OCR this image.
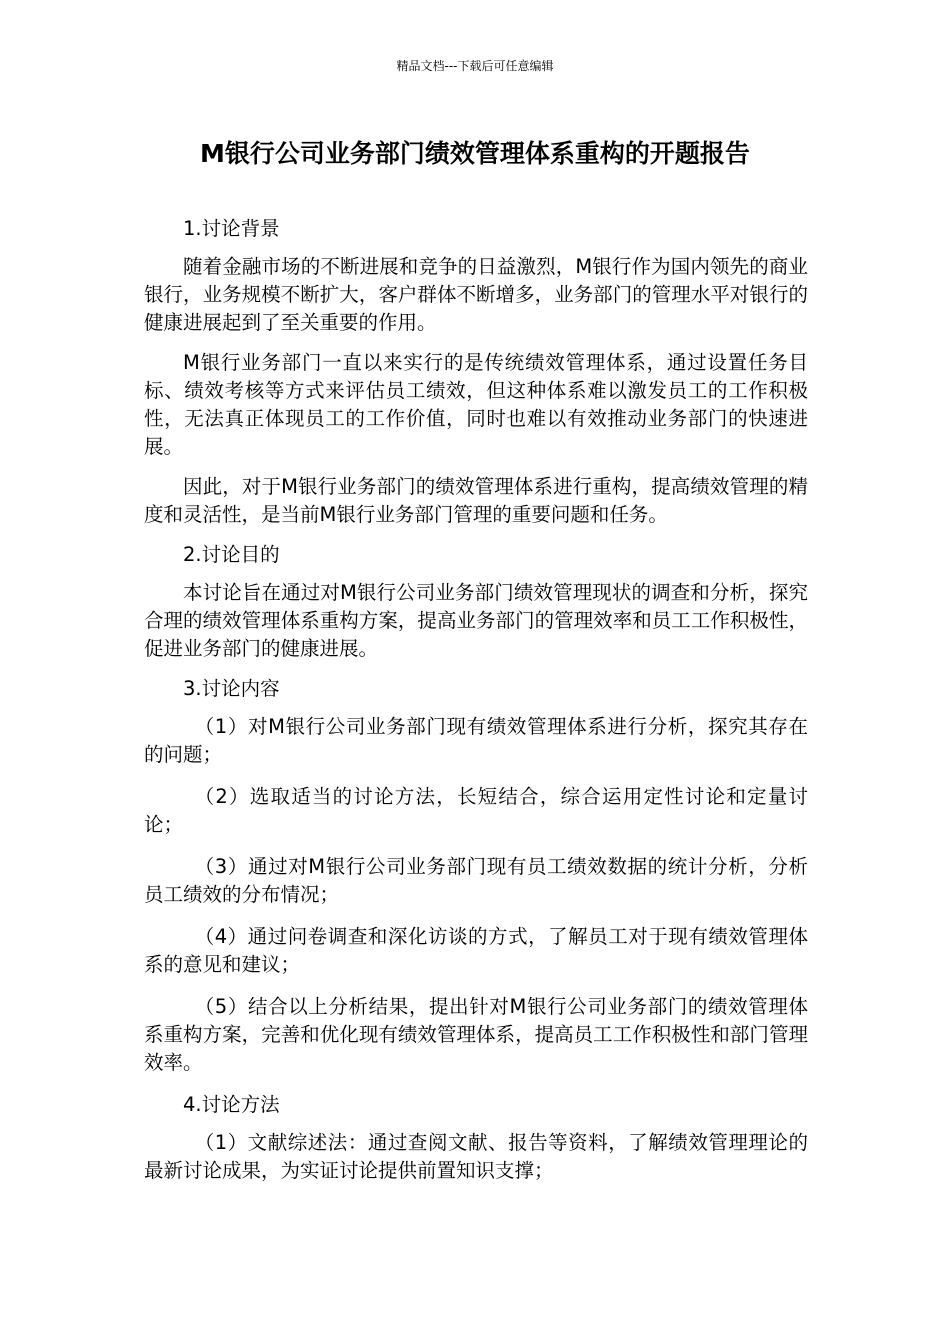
精品文档---下载后可任意编辑
M银行公司业务部门绩效管理体系重构的开题报告

1.讨论背景

随着金融市场的不断进展和竞争的日益激烈，M银行作为国内领先的商业银行，业务规模不断扩大，客户群体不断增多，业务部门的管理水平对银行的健康进展起到了至关重要的作用。

M银行业务部门一直以来实行的是传统绩效管理体系，通过设置任务目标、绩效考核等方式来评估员工绩效，但这种体系难以激发员工的工作积极性，无法真正体现员工的工作价值，同时也难以有效推动业务部门的快速进展。

因此，对于M银行业务部门的绩效管理体系进行重构，提高绩效管理的精度和灵活性，是当前M银行业务部门管理的重要问题和任务。

2.讨论目的

本讨论旨在通过对M银行公司业务部门绩效管理现状的调查和分析，探究合理的绩效管理体系重构方案，提高业务部门的管理效率和员工工作积极性，促进业务部门的健康进展。

3.讨论内容

（1）对M银行公司业务部门现有绩效管理体系进行分析，探究其存在的问题；

（2）选取适当的讨论方法，长短结合，综合运用定性讨论和定量讨论；

（3）通过对M银行公司业务部门现有员工绩效数据的统计分析，分析员工绩效的分布情况；

（4）通过问卷调查和深化访谈的方式，了解员工对于现有绩效管理体系的意见和建议；

（5）结合以上分析结果，提出针对M银行公司业务部门的绩效管理体系重构方案，完善和优化现有绩效管理体系，提高员工工作积极性和部门管理效率。

4.讨论方法

（1）文献综述法：通过查阅文献、报告等资料，了解绩效管理理论的最新讨论成果，为实证讨论提供前置知识支撑；
